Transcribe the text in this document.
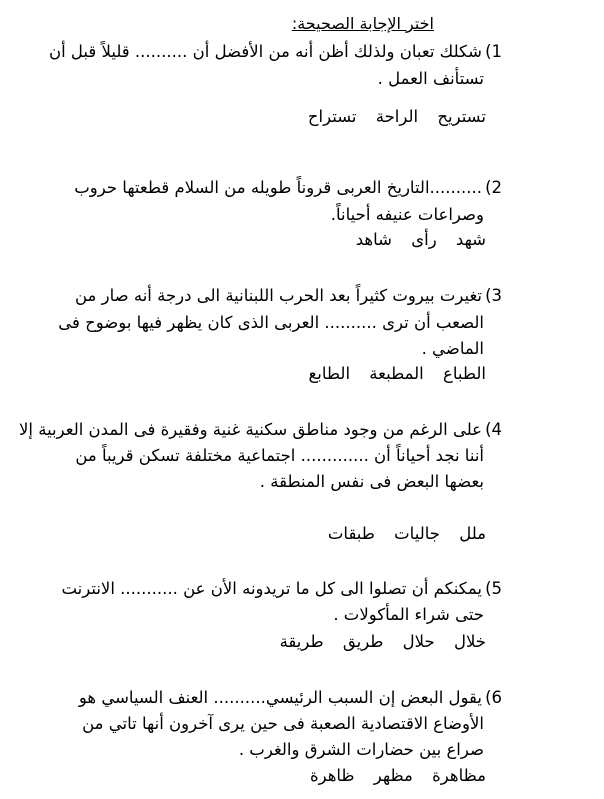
اختر الإجابة الصحيحة:
1)
شكلك تعبان ولذلك أظن أنه من الأفضل أن .......... قليلاً قبل أن
تستأنف العمل .
تستريح الراحة تستراح
2)
..........التاريخ العربى قروناً طويله من السلام قطعتها حروب
وصراعات عنيفه أحياناً.
شهد رأى شاهد
3)
تغيرت بيروت كثيراً بعد الحرب اللبنانية الى درجة أنه صار من
الصعب أن ترى .......... العربى الذى كان يظهر فيها بوضوح فى
الماضي .
الطباع المطبعة الطابع
4)
على الرغم من وجود مناطق سكنية غنية وفقيرة فى المدن العربية إلا
أننا نجد أحياناً أن ............. اجتماعية مختلفة تسكن قريباً من
بعضها البعض فى نفس المنطقة .
ملل جاليات طبقات
5)
يمكنكم أن تصلوا الى كل ما تريدونه الأن عن ........... الانترنت
حتى شراء المأكولات .
خلال حلال طريق طريقة
6)
يقول البعض إن السبب الرئيسي.......... العنف السياسي هو
الأوضاع الاقتصادية الصعبة فى حين يرى آخرون أنها تاتي من
صراع بين حضارات الشرق والغرب .
مظاهرة مظهر ظاهرة
